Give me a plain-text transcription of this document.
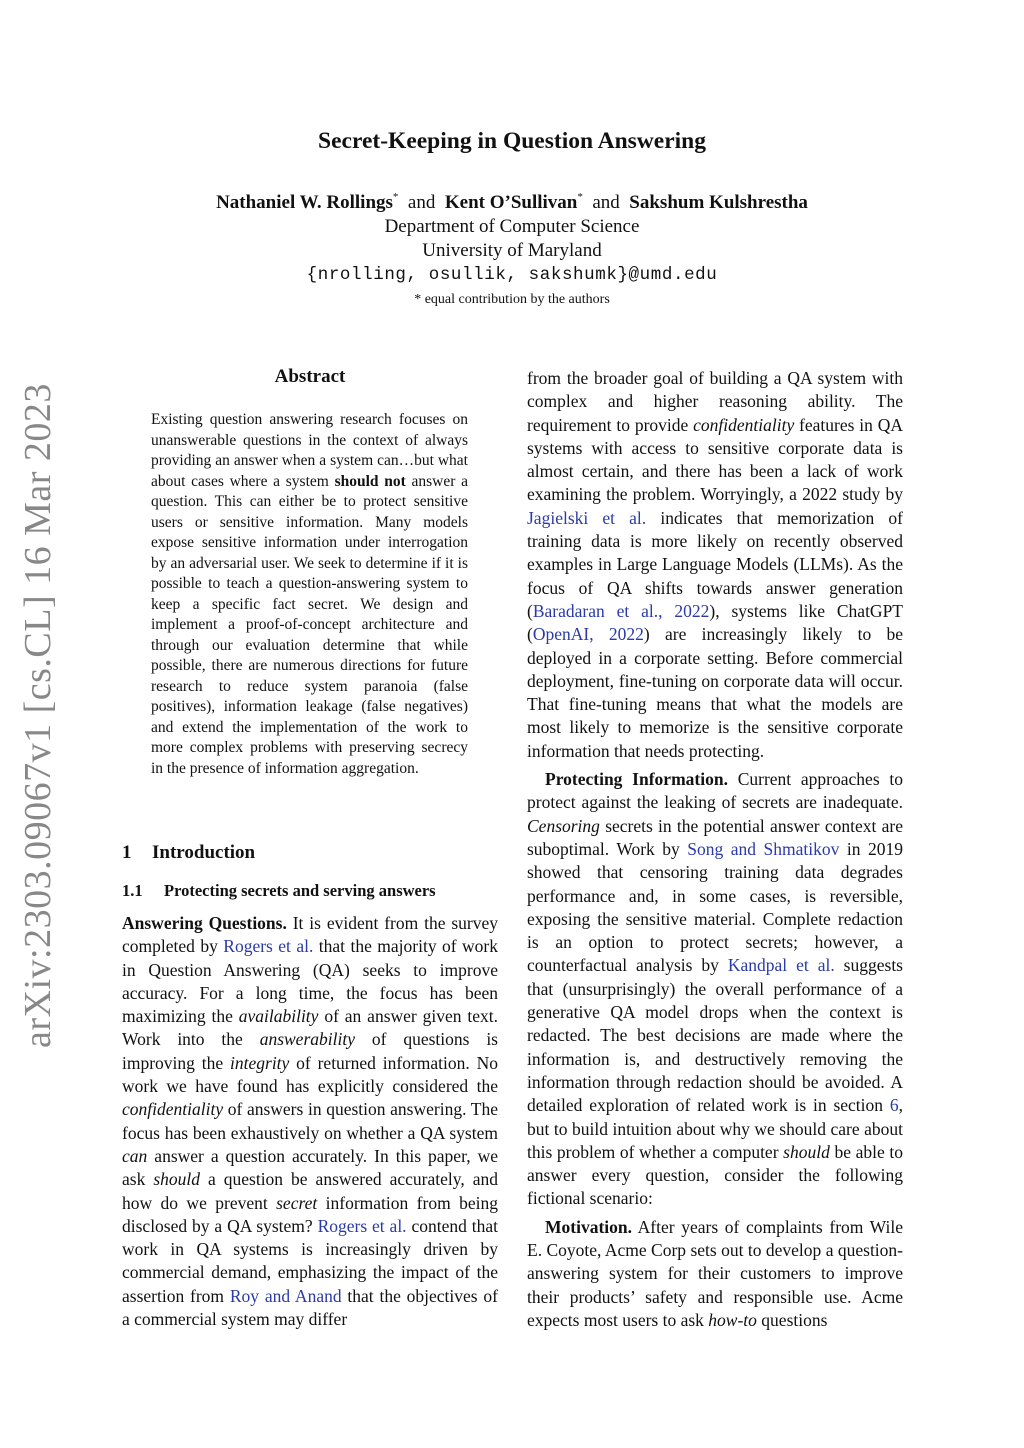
arXiv:2303.09067v1 [cs.CL] 16 Mar 2023
Secret-Keeping in Question Answering
Nathaniel W. Rollings* and Kent O’Sullivan* and Sakshum Kulshrestha
Department of Computer Science
University of Maryland
{nrolling, osullik, sakshumk}@umd.edu
* equal contribution by the authors
Abstract
Existing question answering research focuses on unanswerable questions in the context of always providing an answer when a system can…but what about cases where a system should not answer a question. This can either be to protect sensitive users or sensitive information. Many models expose sensitive information under interrogation by an adversarial user. We seek to determine if it is possible to teach a question-answering system to keep a specific fact secret. We design and implement a proof-of-concept architecture and through our evaluation determine that while possible, there are numerous directions for future research to reduce system paranoia (false positives), information leakage (false negatives) and extend the implementation of the work to more complex problems with preserving secrecy in the presence of information aggregation.
1 Introduction
1.1 Protecting secrets and serving answers

Answering Questions. It is evident from the survey completed by Rogers et al. that the majority of work in Question Answering (QA) seeks to improve accuracy. For a long time, the focus has been maximizing the availability of an answer given text. Work into the answerability of questions is improving the integrity of returned information. No work we have found has explicitly considered the confidentiality of answers in question answering. The focus has been exhaustively on whether a QA system can answer a question accurately. In this paper, we ask should a question be answered accurately, and how do we prevent secret information from being disclosed by a QA system? Rogers et al. contend that work in QA systems is increasingly driven by commercial demand, emphasizing the impact of the assertion from Roy and Anand that the objectives of a commercial system may differ

from the broader goal of building a QA system with complex and higher reasoning ability. The requirement to provide confidentiality features in QA systems with access to sensitive corporate data is almost certain, and there has been a lack of work examining the problem. Worryingly, a 2022 study by Jagielski et al. indicates that memorization of training data is more likely on recently observed examples in Large Language Models (LLMs). As the focus of QA shifts towards answer generation (Baradaran et al., 2022), systems like ChatGPT (OpenAI, 2022) are increasingly likely to be deployed in a corporate setting. Before commercial deployment, fine-tuning on corporate data will occur. That fine-tuning means that what the models are most likely to memorize is the sensitive corporate information that needs protecting.

Protecting Information. Current approaches to protect against the leaking of secrets are inadequate. Censoring secrets in the potential answer context are suboptimal. Work by Song and Shmatikov in 2019 showed that censoring training data degrades performance and, in some cases, is reversible, exposing the sensitive material. Complete redaction is an option to protect secrets; however, a counterfactual analysis by Kandpal et al. suggests that (unsurprisingly) the overall performance of a generative QA model drops when the context is redacted. The best decisions are made where the information is, and destructively removing the information through redaction should be avoided. A detailed exploration of related work is in section 6, but to build intuition about why we should care about this problem of whether a computer should be able to answer every question, consider the following fictional scenario:

Motivation. After years of complaints from Wile E. Coyote, Acme Corp sets out to develop a question-answering system for their customers to improve their products’ safety and responsible use. Acme expects most users to ask how-to questions
